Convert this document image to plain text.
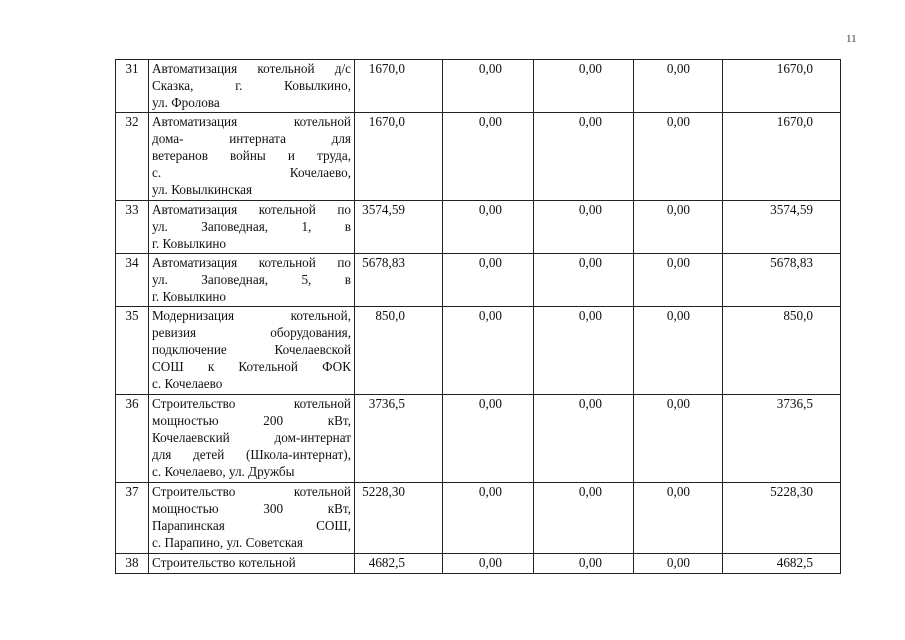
11
31	Автоматизация котельной д/с
Сказка, г. Ковылкино,
ул. Фролова	1670,0	0,00	0,00	0,00	1670,0
32	Автоматизация котельной
дома- интерната для
ветеранов войны и труда,
с. Кочелаево,
ул. Ковылкинская	1670,0	0,00	0,00	0,00	1670,0
33	Автоматизация котельной по
ул. Заповедная, 1, в
г. Ковылкино	3574,59	0,00	0,00	0,00	3574,59
34	Автоматизация котельной по
ул. Заповедная, 5, в
г. Ковылкино	5678,83	0,00	0,00	0,00	5678,83
35	Модернизация котельной,
ревизия оборудования,
подключение Кочелаевской
СОШ к Котельной ФОК
с. Кочелаево	850,0	0,00	0,00	0,00	850,0
36	Строительство котельной
мощностью 200 кВт,
Кочелаевский дом-интернат
для детей (Школа-интернат),
с. Кочелаево, ул. Дружбы	3736,5	0,00	0,00	0,00	3736,5
37	Строительство котельной
мощностью 300 кВт,
Парапинская СОШ,
с. Парапино, ул. Советская	5228,30	0,00	0,00	0,00	5228,30
38	Строительство котельной	4682,5	0,00	0,00	0,00	4682,5
